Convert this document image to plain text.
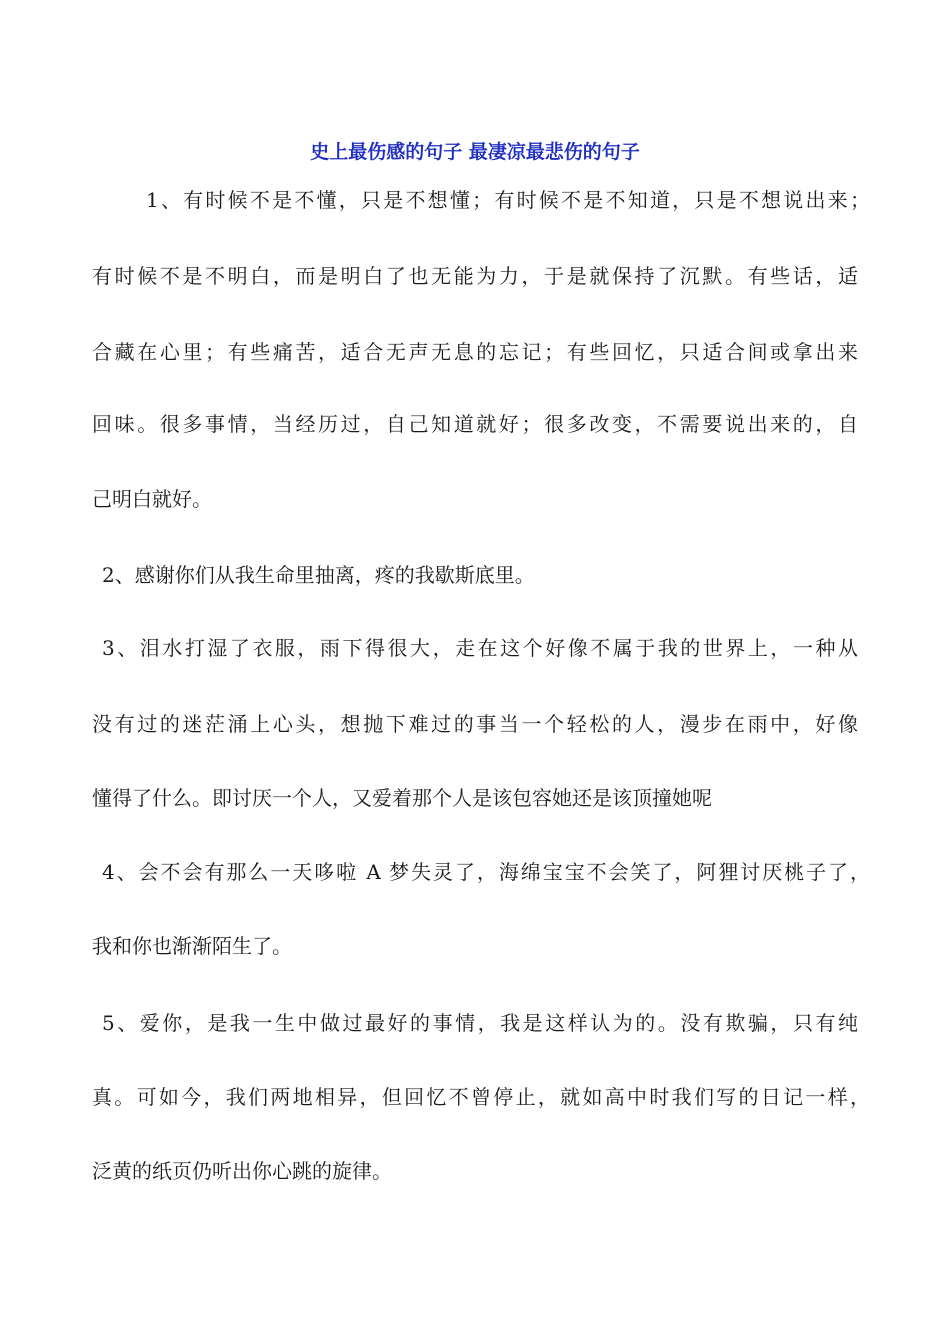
史上最伤感的句子 最凄凉最悲伤的句子
1、有时候不是不懂，只是不想懂；有时候不是不知道，只是不想说出来；
有时候不是不明白，而是明白了也无能为力，于是就保持了沉默。有些话，适
合藏在心里；有些痛苦，适合无声无息的忘记；有些回忆，只适合间或拿出来
回味。很多事情，当经历过，自己知道就好；很多改变，不需要说出来的，自
己明白就好。
2、感谢你们从我生命里抽离，疼的我歇斯底里。
3、泪水打湿了衣服，雨下得很大，走在这个好像不属于我的世界上，一种从
没有过的迷茫涌上心头，想抛下难过的事当一个轻松的人，漫步在雨中，好像
懂得了什么。即讨厌一个人，又爱着那个人是该包容她还是该顶撞她呢
4、会不会有那么一天哆啦 A 梦失灵了，海绵宝宝不会笑了，阿狸讨厌桃子了，
我和你也渐渐陌生了。
5、爱你，是我一生中做过最好的事情，我是这样认为的。没有欺骗，只有纯
真。可如今，我们两地相异，但回忆不曾停止，就如高中时我们写的日记一样，
泛黄的纸页仍听出你心跳的旋律。
